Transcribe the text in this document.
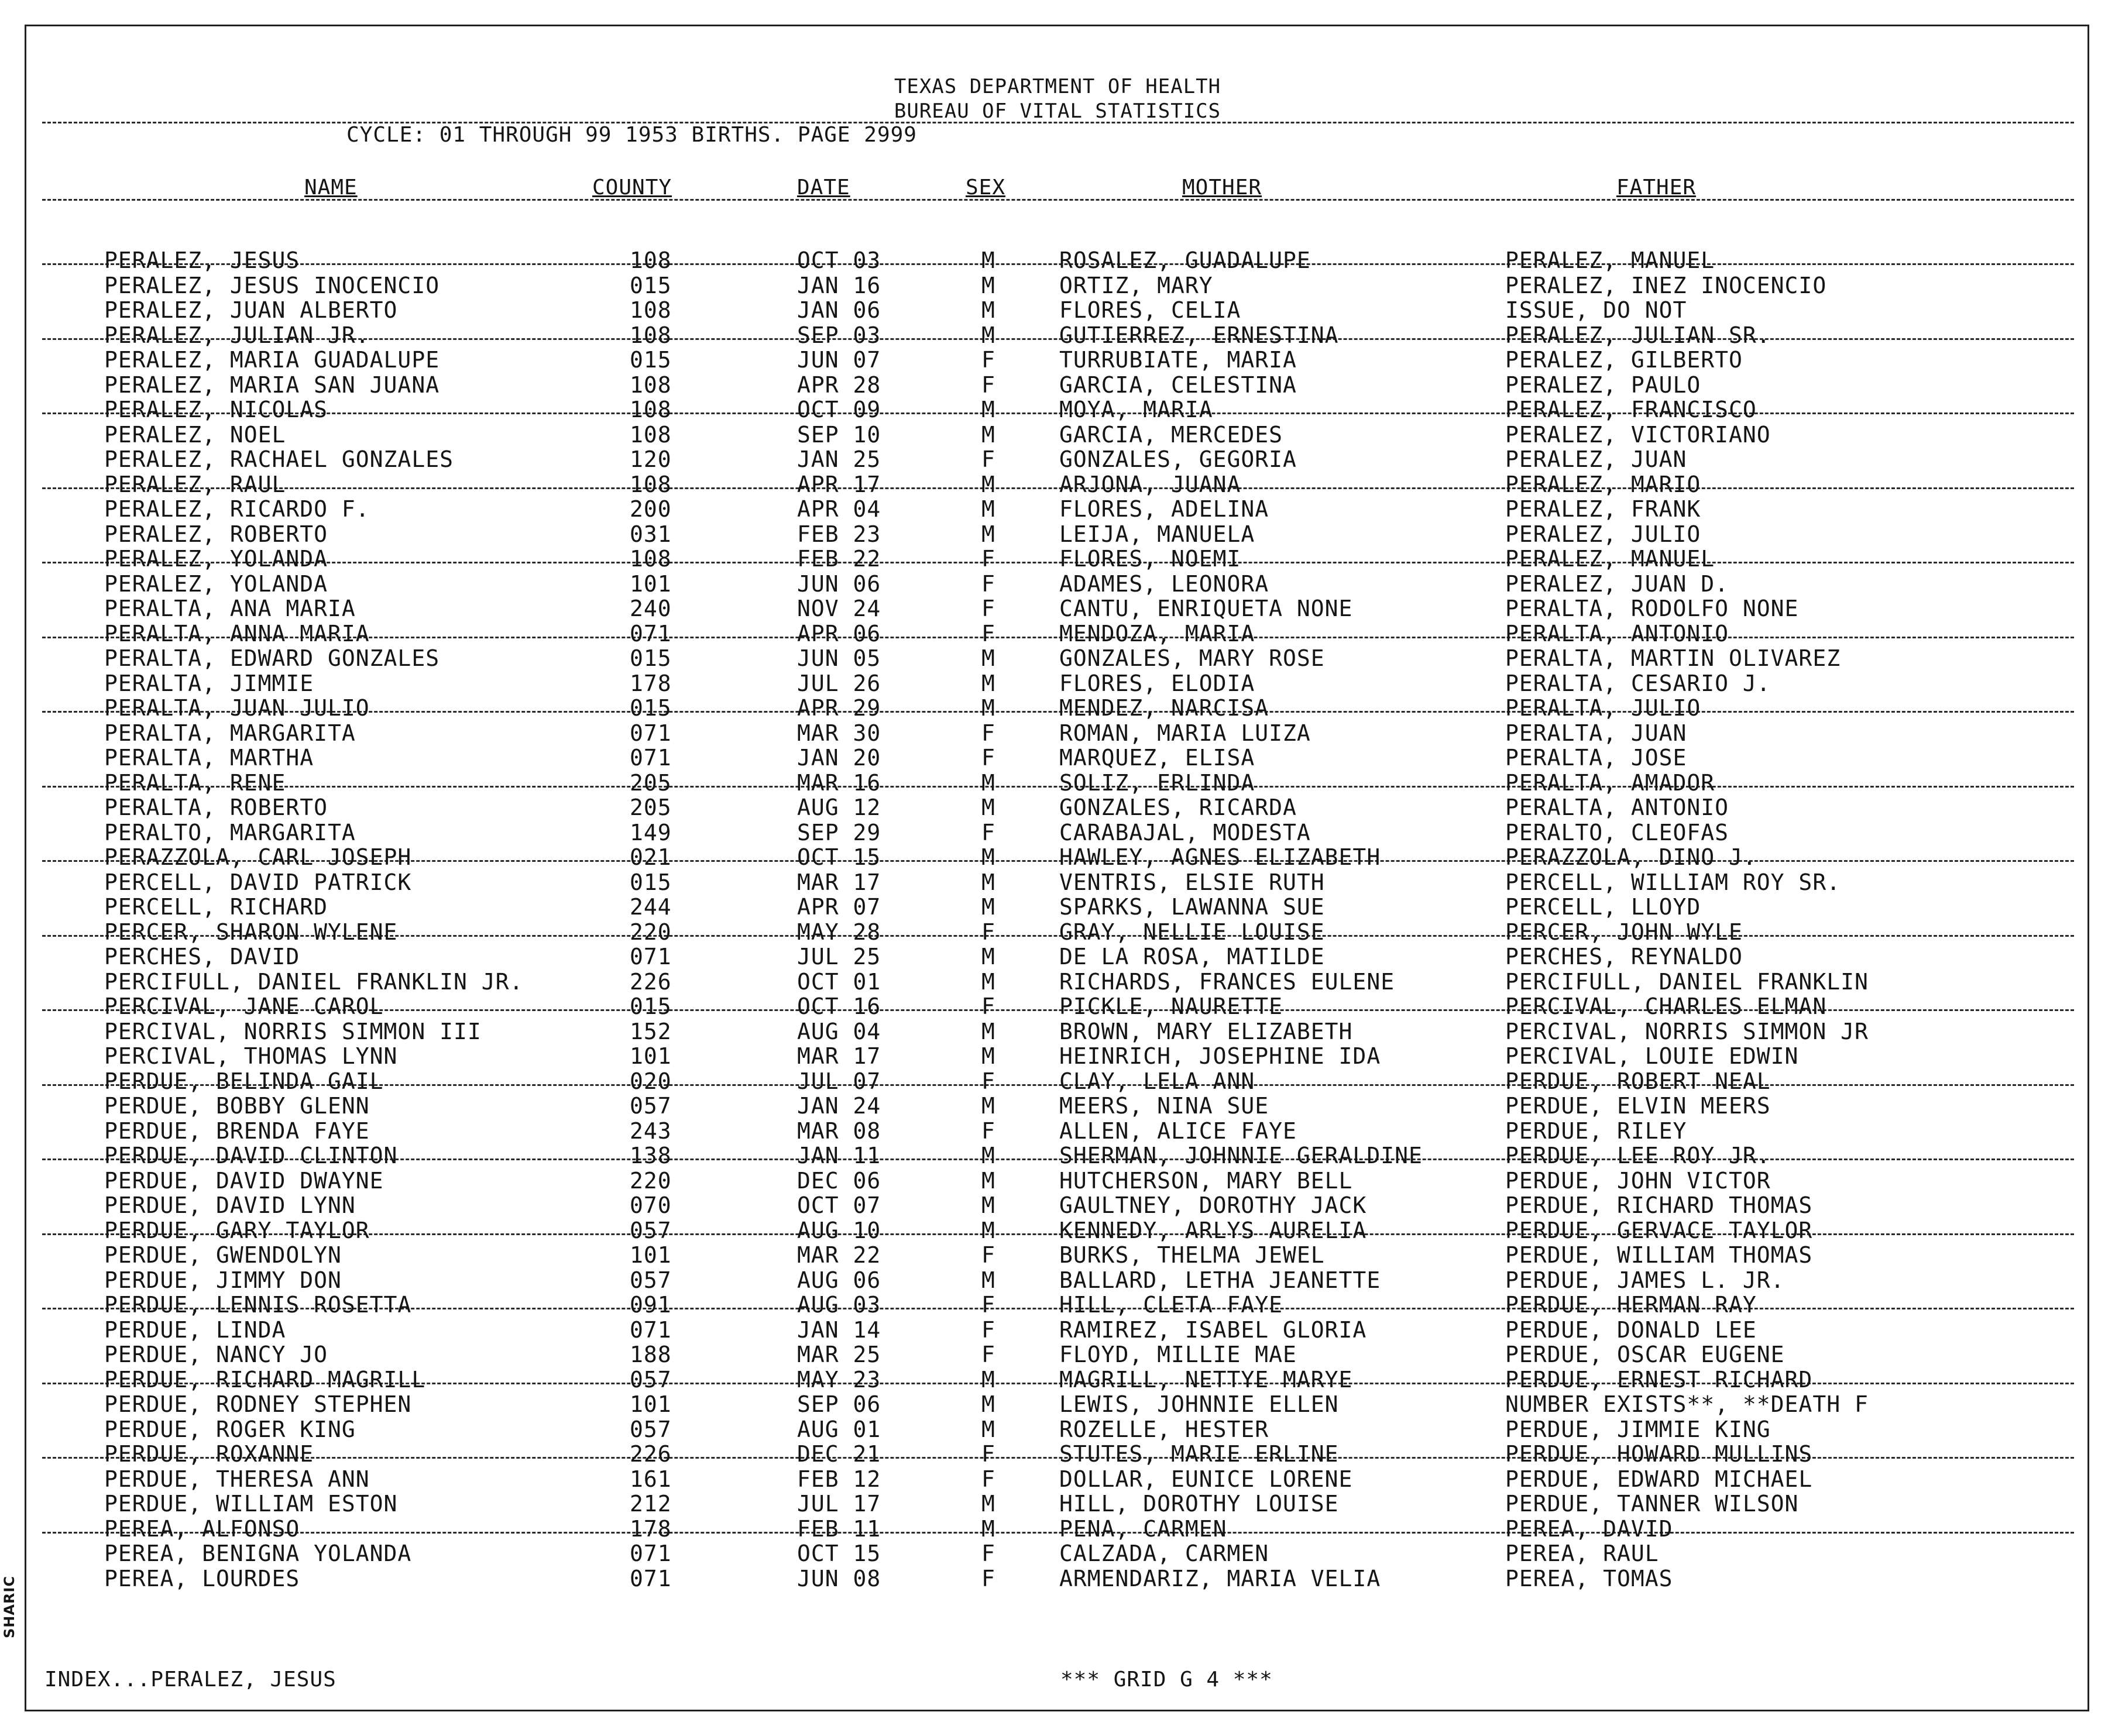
TEXAS DEPARTMENT OF HEALTH
BUREAU OF VITAL STATISTICS
CYCLE: 01 THROUGH 99 1953 BIRTHS. PAGE 2999
NAME	COUNTY	DATE	SEX	MOTHER	FATHER
PERALEZ, JESUS	108	OCT 03	M	ROSALEZ, GUADALUPE	PERALEZ, MANUEL
PERALEZ, JESUS INOCENCIO	015	JAN 16	M	ORTIZ, MARY	PERALEZ, INEZ INOCENCIO
PERALEZ, JUAN ALBERTO	108	JAN 06	M	FLORES, CELIA	ISSUE, DO NOT
PERALEZ, JULIAN JR.	108	SEP 03	M	GUTIERREZ, ERNESTINA	PERALEZ, JULIAN SR.
PERALEZ, MARIA GUADALUPE	015	JUN 07	F	TURRUBIATE, MARIA	PERALEZ, GILBERTO
PERALEZ, MARIA SAN JUANA	108	APR 28	F	GARCIA, CELESTINA	PERALEZ, PAULO
PERALEZ, NICOLAS	108	OCT 09	M	MOYA, MARIA	PERALEZ, FRANCISCO
PERALEZ, NOEL	108	SEP 10	M	GARCIA, MERCEDES	PERALEZ, VICTORIANO
PERALEZ, RACHAEL GONZALES	120	JAN 25	F	GONZALES, GEGORIA	PERALEZ, JUAN
PERALEZ, RAUL	108	APR 17	M	ARJONA, JUANA	PERALEZ, MARIO
PERALEZ, RICARDO F.	200	APR 04	M	FLORES, ADELINA	PERALEZ, FRANK
PERALEZ, ROBERTO	031	FEB 23	M	LEIJA, MANUELA	PERALEZ, JULIO
PERALEZ, YOLANDA	108	FEB 22	F	FLORES, NOEMI	PERALEZ, MANUEL
PERALEZ, YOLANDA	101	JUN 06	F	ADAMES, LEONORA	PERALEZ, JUAN D.
PERALTA, ANA MARIA	240	NOV 24	F	CANTU, ENRIQUETA NONE	PERALTA, RODOLFO NONE
PERALTA, ANNA MARIA	071	APR 06	F	MENDOZA, MARIA	PERALTA, ANTONIO
PERALTA, EDWARD GONZALES	015	JUN 05	M	GONZALES, MARY ROSE	PERALTA, MARTIN OLIVAREZ
PERALTA, JIMMIE	178	JUL 26	M	FLORES, ELODIA	PERALTA, CESARIO J.
PERALTA, JUAN JULIO	015	APR 29	M	MENDEZ, NARCISA	PERALTA, JULIO
PERALTA, MARGARITA	071	MAR 30	F	ROMAN, MARIA LUIZA	PERALTA, JUAN
PERALTA, MARTHA	071	JAN 20	F	MARQUEZ, ELISA	PERALTA, JOSE
PERALTA, RENE	205	MAR 16	M	SOLIZ, ERLINDA	PERALTA, AMADOR
PERALTA, ROBERTO	205	AUG 12	M	GONZALES, RICARDA	PERALTA, ANTONIO
PERALTO, MARGARITA	149	SEP 29	F	CARABAJAL, MODESTA	PERALTO, CLEOFAS
PERAZZOLA, CARL JOSEPH	021	OCT 15	M	HAWLEY, AGNES ELIZABETH	PERAZZOLA, DINO J.
PERCELL, DAVID PATRICK	015	MAR 17	M	VENTRIS, ELSIE RUTH	PERCELL, WILLIAM ROY SR.
PERCELL, RICHARD	244	APR 07	M	SPARKS, LAWANNA SUE	PERCELL, LLOYD
PERCER, SHARON WYLENE	220	MAY 28	F	GRAY, NELLIE LOUISE	PERCER, JOHN WYLE
PERCHES, DAVID	071	JUL 25	M	DE LA ROSA, MATILDE	PERCHES, REYNALDO
PERCIFULL, DANIEL FRANKLIN JR.	226	OCT 01	M	RICHARDS, FRANCES EULENE	PERCIFULL, DANIEL FRANKLIN
PERCIVAL, JANE CAROL	015	OCT 16	F	PICKLE, NAURETTE	PERCIVAL, CHARLES ELMAN
PERCIVAL, NORRIS SIMMON III	152	AUG 04	M	BROWN, MARY ELIZABETH	PERCIVAL, NORRIS SIMMON JR
PERCIVAL, THOMAS LYNN	101	MAR 17	M	HEINRICH, JOSEPHINE IDA	PERCIVAL, LOUIE EDWIN
PERDUE, BELINDA GAIL	020	JUL 07	F	CLAY, LELA ANN	PERDUE, ROBERT NEAL
PERDUE, BOBBY GLENN	057	JAN 24	M	MEERS, NINA SUE	PERDUE, ELVIN MEERS
PERDUE, BRENDA FAYE	243	MAR 08	F	ALLEN, ALICE FAYE	PERDUE, RILEY
PERDUE, DAVID CLINTON	138	JAN 11	M	SHERMAN, JOHNNIE GERALDINE	PERDUE, LEE ROY JR.
PERDUE, DAVID DWAYNE	220	DEC 06	M	HUTCHERSON, MARY BELL	PERDUE, JOHN VICTOR
PERDUE, DAVID LYNN	070	OCT 07	M	GAULTNEY, DOROTHY JACK	PERDUE, RICHARD THOMAS
PERDUE, GARY TAYLOR	057	AUG 10	M	KENNEDY, ARLYS AURELIA	PERDUE, GERVACE TAYLOR
PERDUE, GWENDOLYN	101	MAR 22	F	BURKS, THELMA JEWEL	PERDUE, WILLIAM THOMAS
PERDUE, JIMMY DON	057	AUG 06	M	BALLARD, LETHA JEANETTE	PERDUE, JAMES L. JR.
PERDUE, LENNIS ROSETTA	091	AUG 03	F	HILL, CLETA FAYE	PERDUE, HERMAN RAY
PERDUE, LINDA	071	JAN 14	F	RAMIREZ, ISABEL GLORIA	PERDUE, DONALD LEE
PERDUE, NANCY JO	188	MAR 25	F	FLOYD, MILLIE MAE	PERDUE, OSCAR EUGENE
PERDUE, RICHARD MAGRILL	057	MAY 23	M	MAGRILL, NETTYE MARYE	PERDUE, ERNEST RICHARD
PERDUE, RODNEY STEPHEN	101	SEP 06	M	LEWIS, JOHNNIE ELLEN	NUMBER EXISTS**, **DEATH F
PERDUE, ROGER KING	057	AUG 01	M	ROZELLE, HESTER	PERDUE, JIMMIE KING
PERDUE, ROXANNE	226	DEC 21	F	STUTES, MARIE ERLINE	PERDUE, HOWARD MULLINS
PERDUE, THERESA ANN	161	FEB 12	F	DOLLAR, EUNICE LORENE	PERDUE, EDWARD MICHAEL
PERDUE, WILLIAM ESTON	212	JUL 17	M	HILL, DOROTHY LOUISE	PERDUE, TANNER WILSON
PEREA, ALFONSO	178	FEB 11	M	PENA, CARMEN	PEREA, DAVID
PEREA, BENIGNA YOLANDA	071	OCT 15	F	CALZADA, CARMEN	PEREA, RAUL
PEREA, LOURDES	071	JUN 08	F	ARMENDARIZ, MARIA VELIA	PEREA, TOMAS
INDEX...PERALEZ, JESUS	*** GRID G 4 ***
SHARIC
